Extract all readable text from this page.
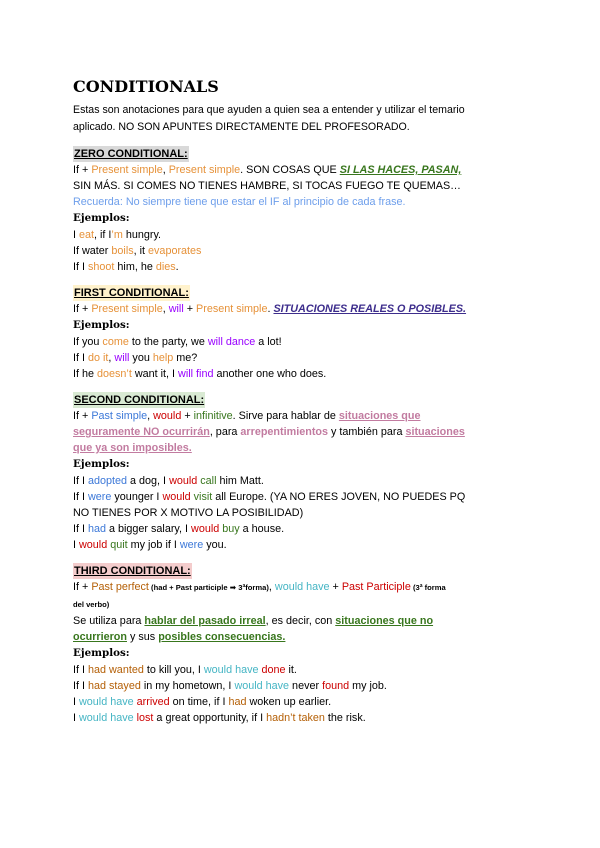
CONDITIONALS
Estas son anotaciones para que ayuden a quien sea a entender y utilizar el temario
aplicado. NO SON APUNTES DIRECTAMENTE DEL PROFESORADO.
ZERO CONDITIONAL:
If + Present simple, Present simple. SON COSAS QUE SI LAS HACES, PASAN,
SIN MÁS. SI COMES NO TIENES HAMBRE, SI TOCAS FUEGO TE QUEMAS…
Recuerda: No siempre tiene que estar el IF al principio de cada frase.
Ejemplos:
I eat, if I’m hungry.
If water boils, it evaporates
If I shoot him, he dies.
FIRST CONDITIONAL:
If + Present simple, will + Present simple. SITUACIONES REALES O POSIBLES.
Ejemplos:
If you come to the party, we will dance a lot!
If I do it, will you help me?
If he doesn’t want it, I will find another one who does.
SECOND CONDITIONAL:
If + Past simple, would + infinitive. Sirve para hablar de situaciones que
seguramente NO ocurrirán, para arrepentimientos y también para situaciones
que ya son imposibles.
Ejemplos:
If I adopted a dog, I would call him Matt.
If I were younger I would visit all Europe. (YA NO ERES JOVEN, NO PUEDES PQ
NO TIENES POR X MOTIVO LA POSIBILIDAD)
If I had a bigger salary, I would buy a house.
I would quit my job if I were you.
THIRD CONDITIONAL:
If + Past perfect (had + Past participle ➡ 3ªforma), would have + Past Participle (3ª forma
del verbo)
Se utiliza para hablar del pasado irreal, es decir, con situaciones que no
ocurrieron y sus posibles consecuencias.
Ejemplos:
If I had wanted to kill you, I would have done it.
If I had stayed in my hometown, I would have never found my job.
I would have arrived on time, if I had woken up earlier.
I would have lost a great opportunity, if I hadn’t taken the risk.
